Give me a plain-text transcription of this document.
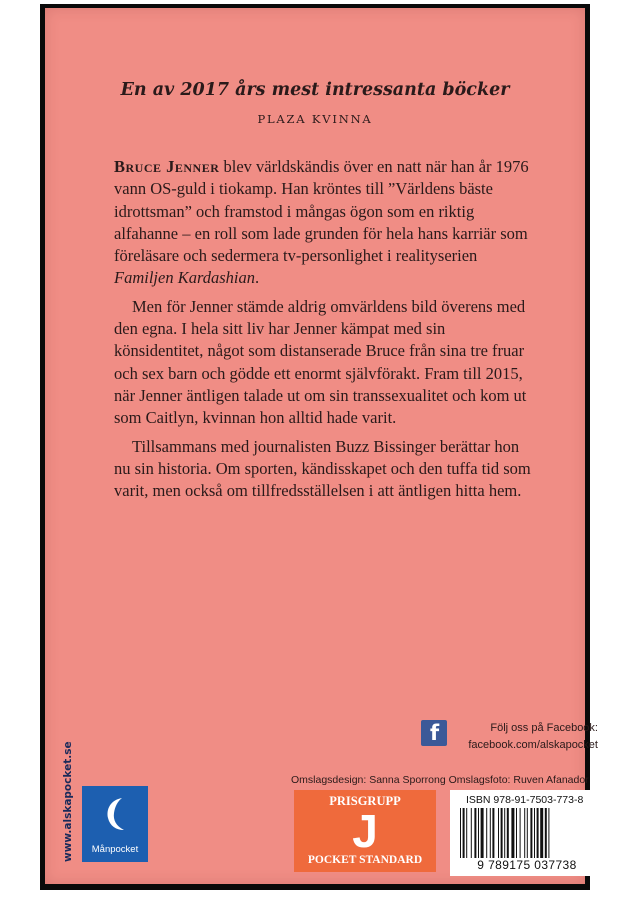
En av 2017 års mest intressanta böcker
PLAZA KVINNA

Bruce Jenner blev världskändis över en natt när han år 1976 vann OS-guld i tiokamp. Han kröntes till ”Världens bäste idrottsman” och framstod i mångas ögon som en riktig alfahanne – en roll som lade grunden för hela hans karriär som föreläsare och sedermera tv-personlighet i realityserien Familjen Kardashian.

Men för Jenner stämde aldrig omvärldens bild överens med den egna. I hela sitt liv har Jenner kämpat med sin könsidentitet, något som distanserade Bruce från sina tre fruar och sex barn och gödde ett enormt självförakt. Fram till 2015, när Jenner äntligen talade ut om sin transsexualitet och kom ut som Caitlyn, kvinnan hon alltid hade varit.

Tillsammans med journalisten Buzz Bissinger berättar hon nu sin historia. Om sporten, kändisskapet och den tuffa tid som varit, men också om tillfredsställelsen i att äntligen hitta hem.

f	Följ oss på Facebook:
facebook.com/alskapocket
Omslagsdesign: Sanna Sporrong Omslagsfoto: Ruven Afanador
PRISGRUPP
J
POCKET STANDARD
ISBN 978-91-7503-773-8
9 789175 037738
www.alskapocket.se	Månpocket
